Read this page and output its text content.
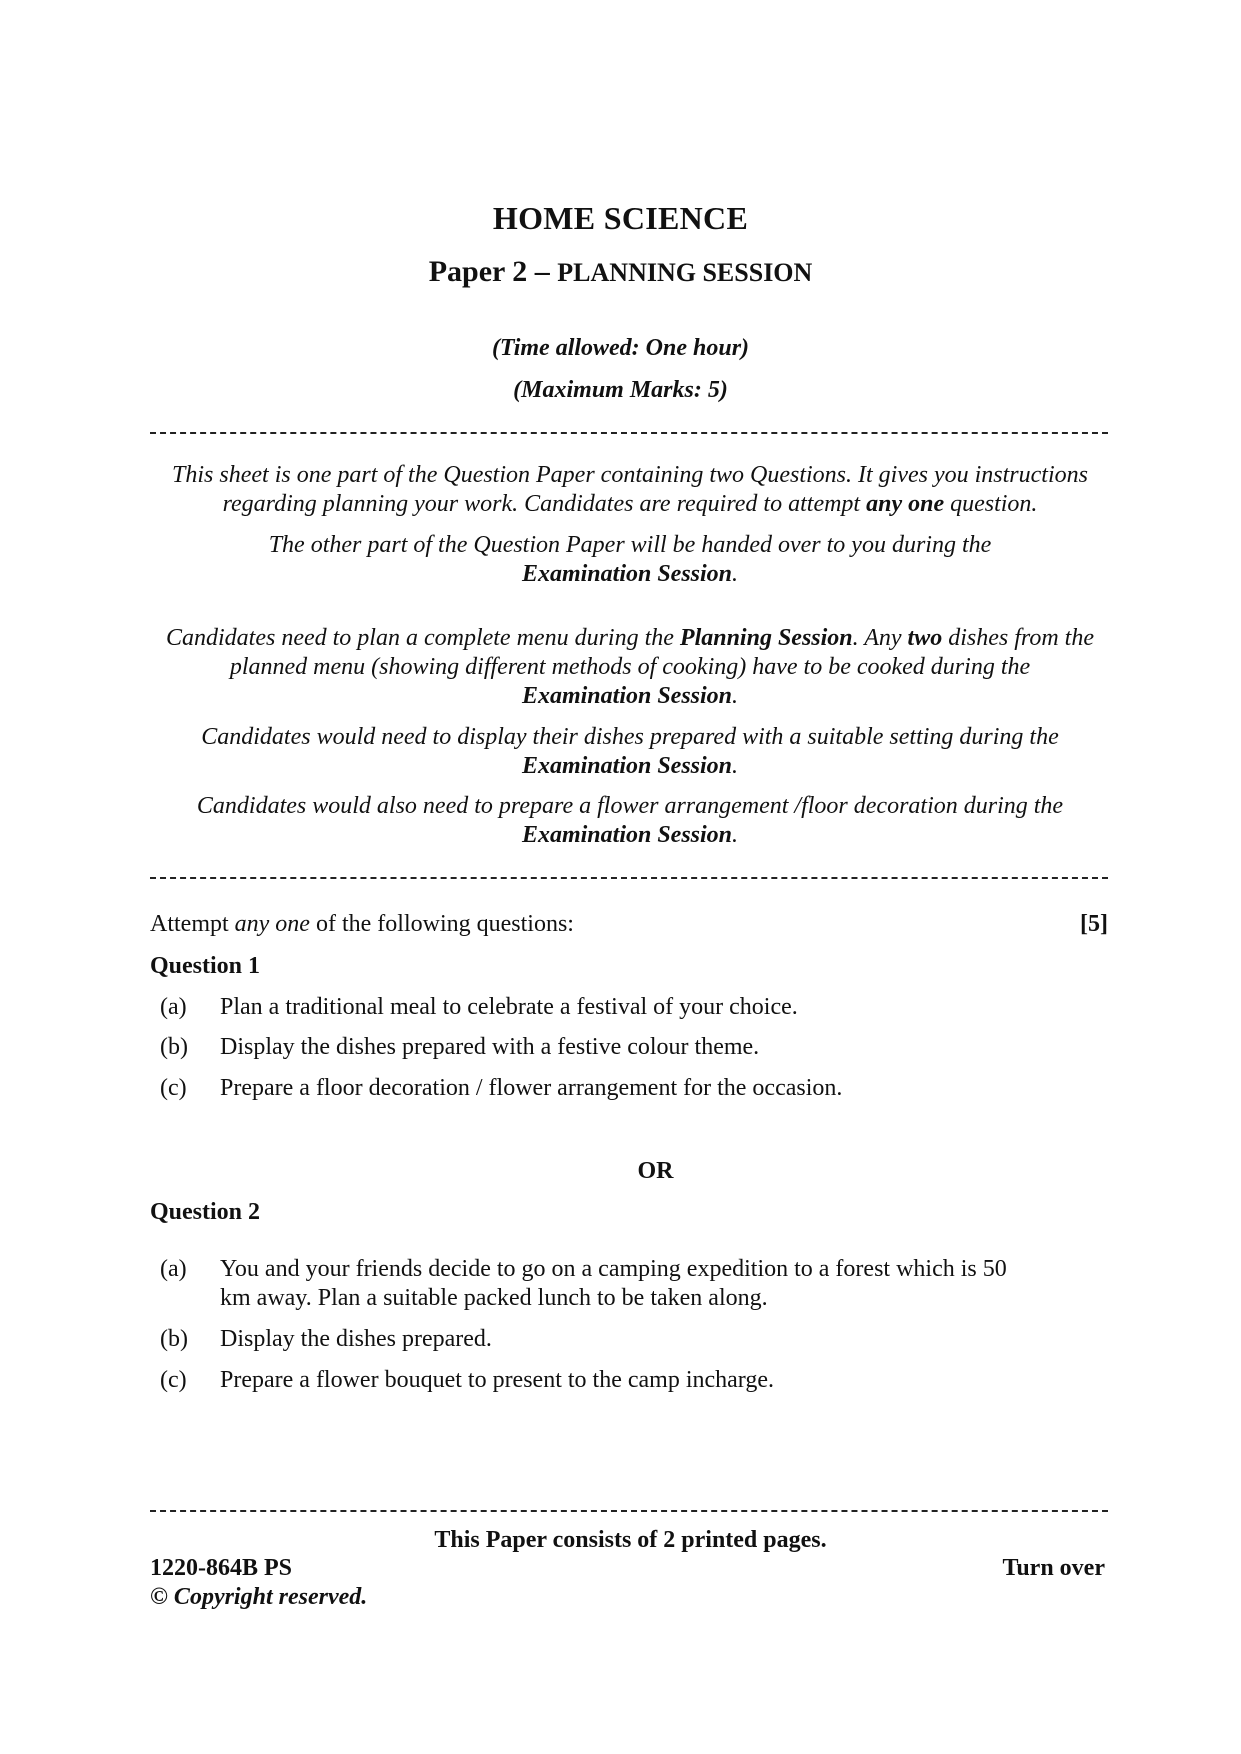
HOME SCIENCE
Paper 2 – PLANNING SESSION
(Time allowed: One hour)
(Maximum Marks: 5)
This sheet is one part of the Question Paper containing two Questions. It gives you instructions regarding planning your work. Candidates are required to attempt any one question.
The other part of the Question Paper will be handed over to you during the
Examination Session.
Candidates need to plan a complete menu during the Planning Session. Any two dishes from the planned menu (showing different methods of cooking) have to be cooked during the
Examination Session.
Candidates would need to display their dishes prepared with a suitable setting during the
Examination Session.
Candidates would also need to prepare a flower arrangement /floor decoration during the
Examination Session.
Attempt any one of the following questions:	[5]
Question 1
(a)	Plan a traditional meal to celebrate a festival of your choice.
(b)	Display the dishes prepared with a festive colour theme.
(c)	Prepare a floor decoration / flower arrangement for the occasion.
OR
Question 2
(a)	You and your friends decide to go on a camping expedition to a forest which is 50 km away. Plan a suitable packed lunch to be taken along.
(b)	Display the dishes prepared.
(c)	Prepare a flower bouquet to present to the camp incharge.
This Paper consists of 2 printed pages.
1220-864B PS	Turn over
© Copyright reserved.
